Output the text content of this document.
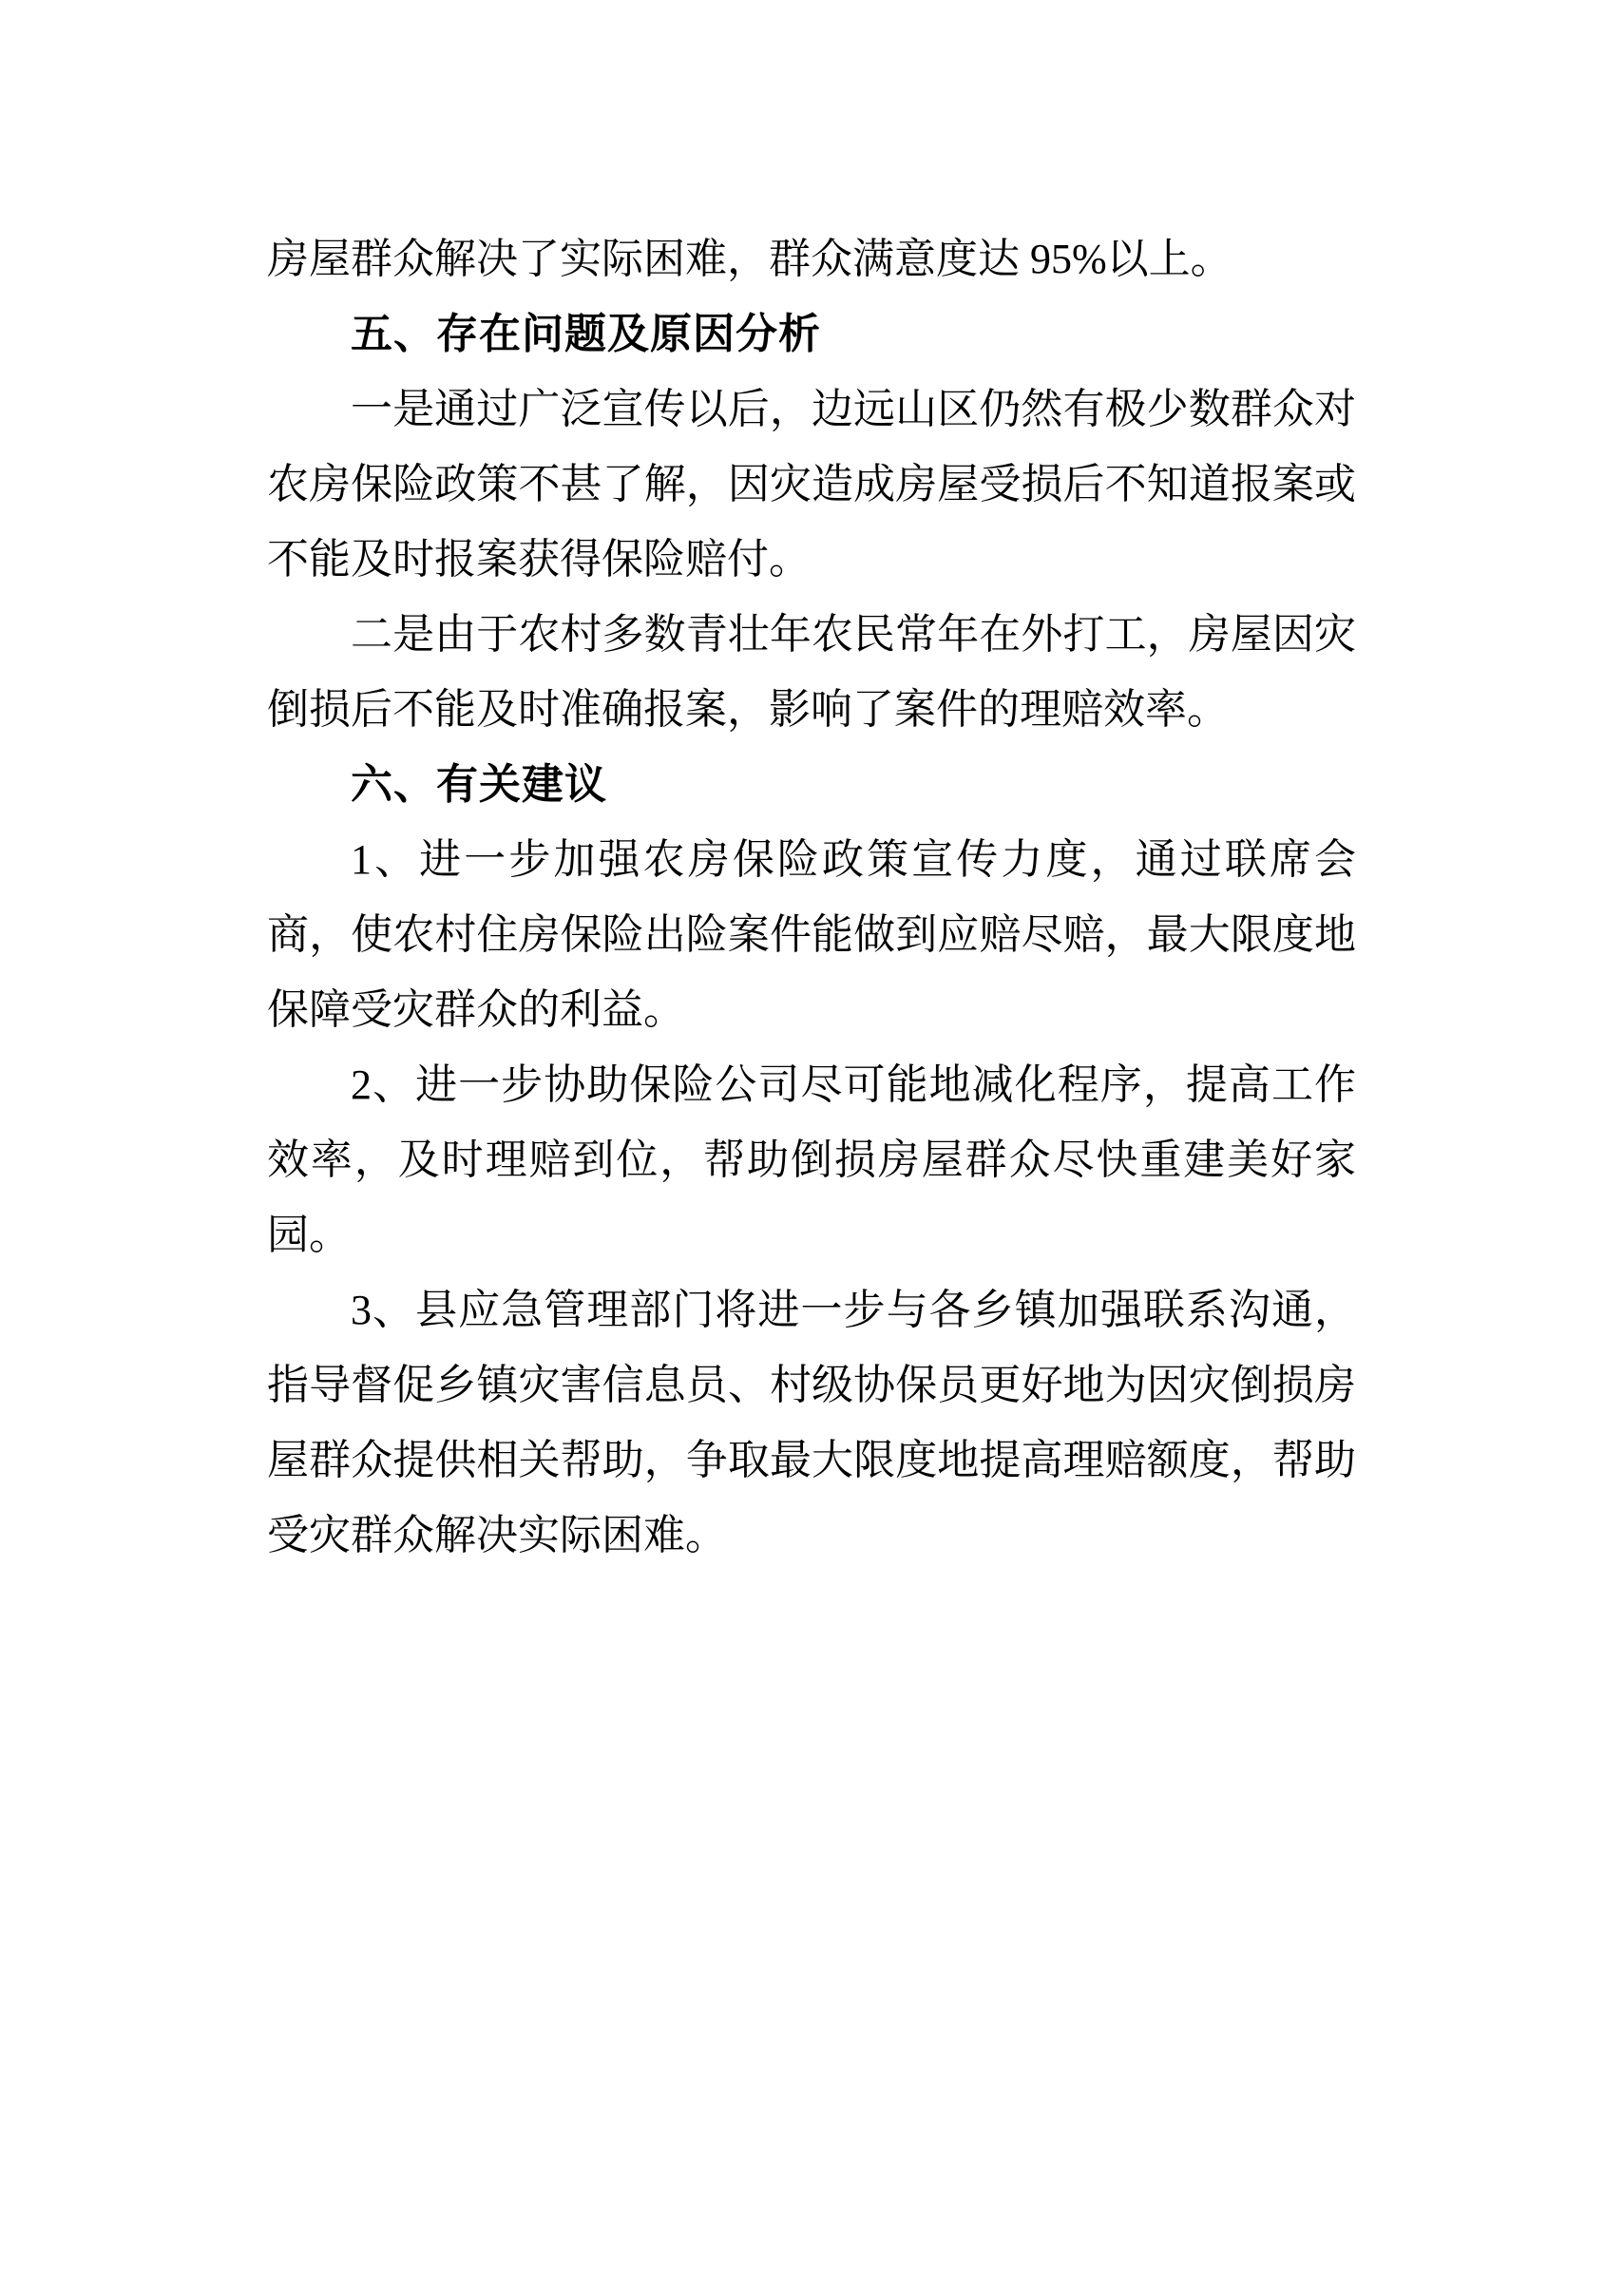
房屋群众解决了实际困难，群众满意度达 95%以上。

五、存在问题及原因分析

一是通过广泛宣传以后，边远山区仍然有极少数群众对农房保险政策不甚了解，因灾造成房屋受损后不知道报案或不能及时报案获得保险赔付。

二是由于农村多数青壮年农民常年在外打工，房屋因灾倒损后不能及时准确报案，影响了案件的理赔效率。

六、有关建议

1、进一步加强农房保险政策宣传力度，通过联席会商，使农村住房保险出险案件能做到应赔尽赔，最大限度地保障受灾群众的利益。

2、进一步协助保险公司尽可能地减化程序，提高工作效率，及时理赔到位，帮助倒损房屋群众尽快重建美好家园。

3、县应急管理部门将进一步与各乡镇加强联系沟通，指导督促乡镇灾害信息员、村级协保员更好地为因灾倒损房屋群众提供相关帮助，争取最大限度地提高理赔额度，帮助受灾群众解决实际困难。
